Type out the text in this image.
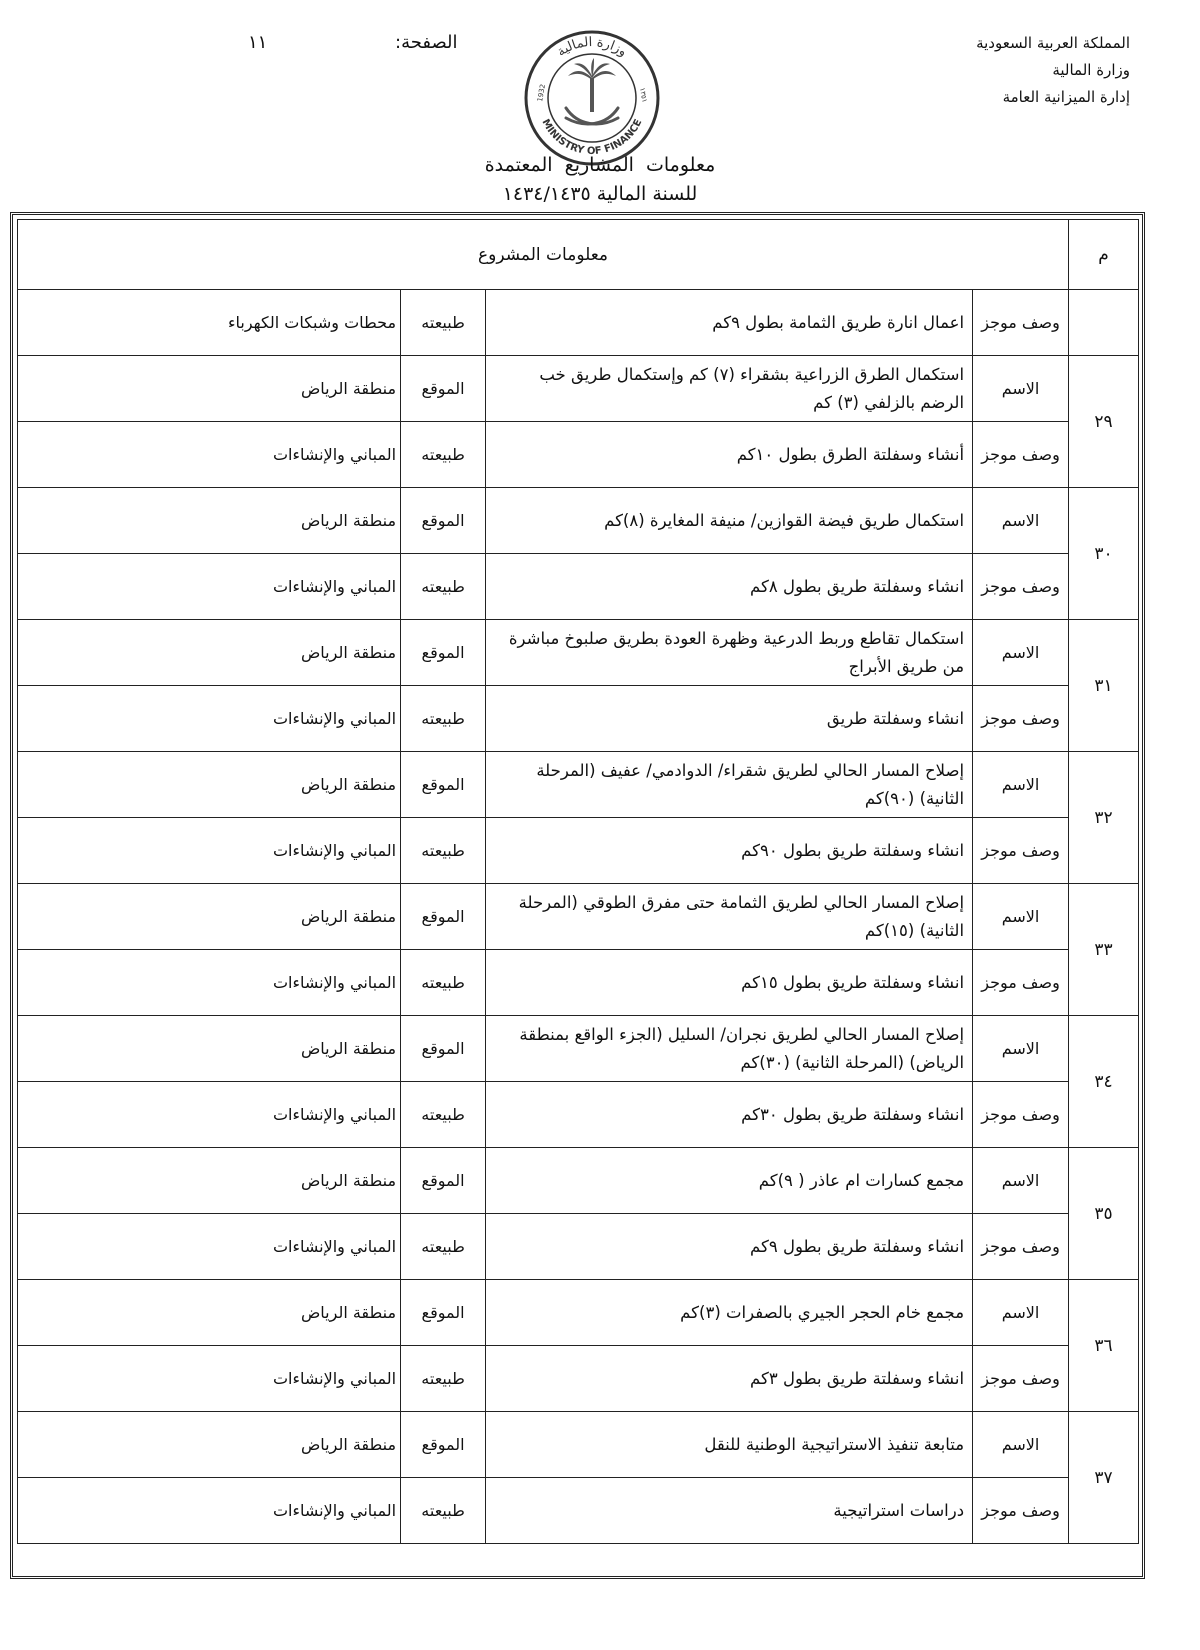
المملكة العربية السعودية
وزارة المالية
إدارة الميزانية العامة
الصفحة:
١١	وزارة المالية
MINISTRY OF FINANCE
1932	١٣٥١
معلومات المشاريع المعتمدة
للسنة المالية ١٤٣٤/١٤٣٥
م	معلومات المشروع			
	وصف موجز	اعمال انارة طريق الثمامة بطول ٩كم	طبيعته	محطات وشبكات الكهرباء
٢٩	الاسم	استكمال الطرق الزراعية بشقراء (٧) كم وإستكمال طريق خب الرضم بالزلفي (٣) كم	الموقع	منطقة الرياض
	وصف موجز	أنشاء وسفلتة الطرق بطول ١٠كم	طبيعته	المباني والإنشاءات
٣٠	الاسم	استكمال طريق فيضة القوازين/ منيفة المغايرة (٨)كم	الموقع	منطقة الرياض
	وصف موجز	انشاء وسفلتة طريق بطول ٨كم	طبيعته	المباني والإنشاءات
٣١	الاسم	استكمال تقاطع وربط الدرعية وظهرة العودة بطريق صلبوخ مباشرة من طريق الأبراج	الموقع	منطقة الرياض
	وصف موجز	انشاء وسفلتة طريق	طبيعته	المباني والإنشاءات
٣٢	الاسم	إصلاح المسار الحالي لطريق شقراء/ الدوادمي/ عفيف (المرحلة الثانية) (٩٠)كم	الموقع	منطقة الرياض
	وصف موجز	انشاء وسفلتة طريق بطول ٩٠كم	طبيعته	المباني والإنشاءات
٣٣	الاسم	إصلاح المسار الحالي لطريق الثمامة حتى مفرق الطوقي (المرحلة الثانية) (١٥)كم	الموقع	منطقة الرياض
	وصف موجز	انشاء وسفلتة طريق بطول ١٥كم	طبيعته	المباني والإنشاءات
٣٤	الاسم	إصلاح المسار الحالي لطريق نجران/ السليل (الجزء الواقع بمنطقة الرياض) (المرحلة الثانية) (٣٠)كم	الموقع	منطقة الرياض
	وصف موجز	انشاء وسفلتة طريق بطول ٣٠كم	طبيعته	المباني والإنشاءات
٣٥	الاسم	مجمع كسارات ام عاذر ( ٩)كم	الموقع	منطقة الرياض
	وصف موجز	انشاء وسفلتة طريق بطول ٩كم	طبيعته	المباني والإنشاءات
٣٦	الاسم	مجمع خام الحجر الجيري بالصفرات (٣)كم	الموقع	منطقة الرياض
	وصف موجز	انشاء وسفلتة طريق بطول ٣كم	طبيعته	المباني والإنشاءات
٣٧	الاسم	متابعة تنفيذ الاستراتيجية الوطنية للنقل	الموقع	منطقة الرياض
	وصف موجز	دراسات استراتيجية	طبيعته	المباني والإنشاءات
